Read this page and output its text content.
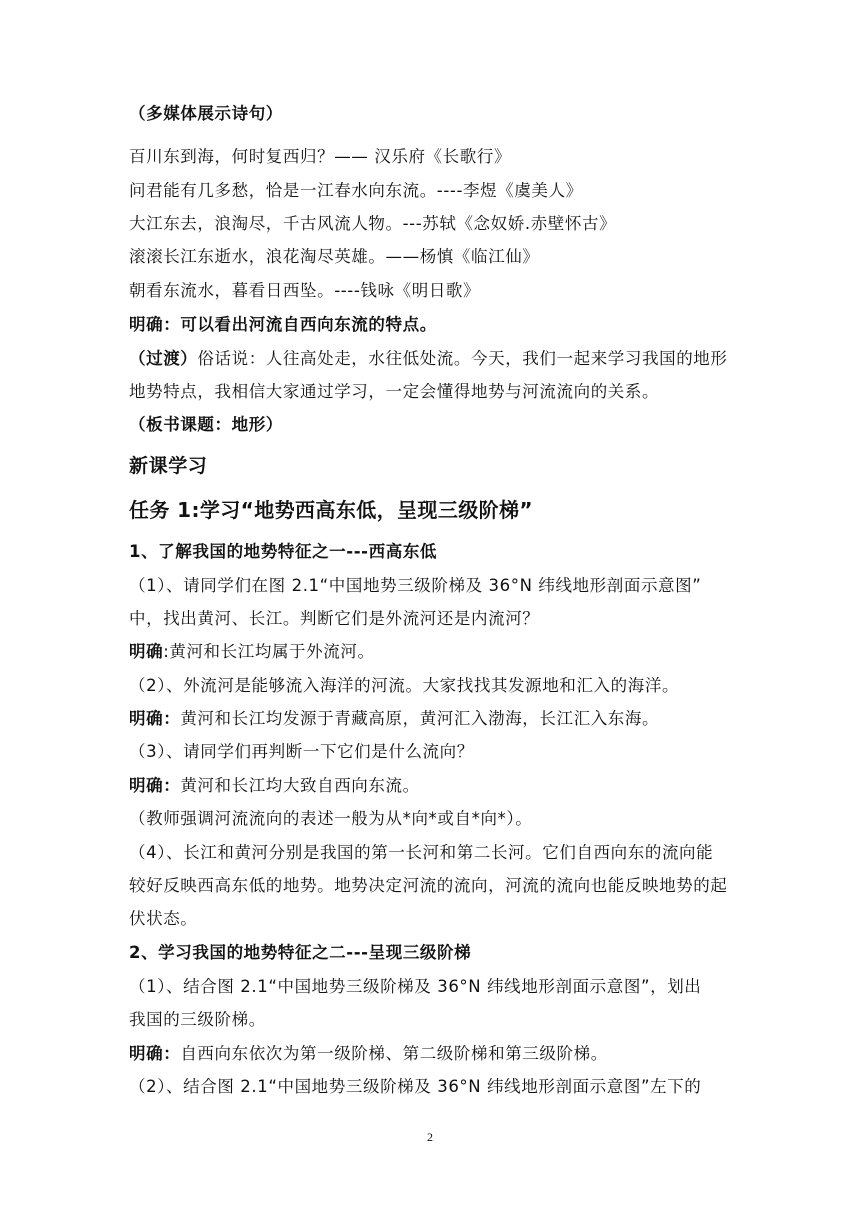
（多媒体展示诗句）
百川东到海，何时复西归？—— 汉乐府《长歌行》
问君能有几多愁，恰是一江春水向东流。----李煜《虞美人》
大江东去，浪淘尽，千古风流人物。---苏轼《念奴娇.赤壁怀古》
滚滚长江东逝水，浪花淘尽英雄。——杨慎《临江仙》
朝看东流水，暮看日西坠。----钱咏《明日歌》
明确：可以看出河流自西向东流的特点。
（过渡）俗话说：人往高处走，水往低处流。今天，我们一起来学习我国的地形
地势特点，我相信大家通过学习，一定会懂得地势与河流流向的关系。
（板书课题：地形）
新课学习
任务 1:学习“地势西高东低，呈现三级阶梯”
1、了解我国的地势特征之一---西高东低
（1）、请同学们在图 2.1“中国地势三级阶梯及 36°N 纬线地形剖面示意图”
中，找出黄河、长江。判断它们是外流河还是内流河？
明确:黄河和长江均属于外流河。
（2）、外流河是能够流入海洋的河流。大家找找其发源地和汇入的海洋。
明确：黄河和长江均发源于青藏高原，黄河汇入渤海，长江汇入东海。
（3）、请同学们再判断一下它们是什么流向？
明确：黄河和长江均大致自西向东流。
（教师强调河流流向的表述一般为从*向*或自*向*）。
（4）、长江和黄河分别是我国的第一长河和第二长河。它们自西向东的流向能
较好反映西高东低的地势。地势决定河流的流向，河流的流向也能反映地势的起
伏状态。
2、学习我国的地势特征之二---呈现三级阶梯
（1）、结合图 2.1“中国地势三级阶梯及 36°N 纬线地形剖面示意图”，划出
我国的三级阶梯。
明确：自西向东依次为第一级阶梯、第二级阶梯和第三级阶梯。
（2）、结合图 2.1“中国地势三级阶梯及 36°N 纬线地形剖面示意图”左下的
2
